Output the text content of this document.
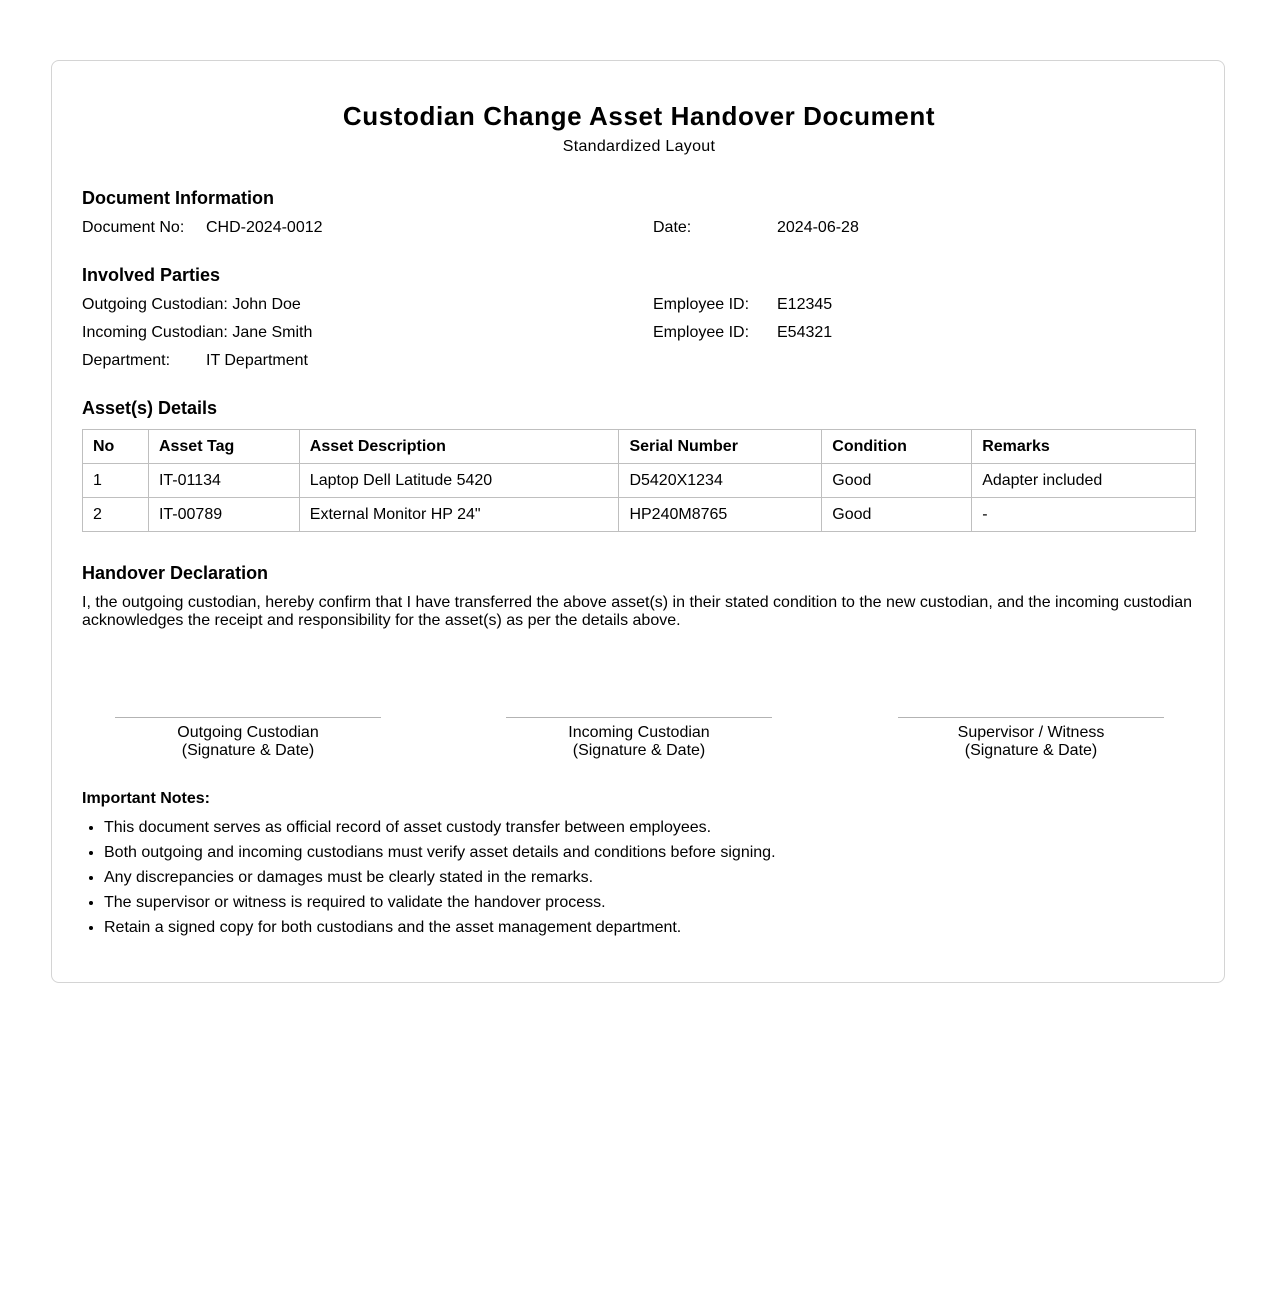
Custodian Change Asset Handover Document
Standardized Layout
Document Information
Document No: CHD-2024-0012	Date:	2024-06-28
Involved Parties
Outgoing Custodian: John Doe	Employee ID: E12345
Incoming Custodian: Jane Smith	Employee ID: E54321
Department: IT Department
Asset(s) Details
No	Asset Tag	Asset Description	Serial Number	Condition	Remarks
1	IT-01134	Laptop Dell Latitude 5420	D5420X1234	Good	Adapter included
2	IT-00789	External Monitor HP 24"	HP240M8765	Good	-
Handover Declaration
I, the outgoing custodian, hereby confirm that I have transferred the above asset(s) in their stated condition to the new custodian, and the incoming custodian acknowledges the receipt and responsibility for the asset(s) as per the details above.
Outgoing Custodian
(Signature & Date)
Incoming Custodian
(Signature & Date)
Supervisor / Witness
(Signature & Date)
Important Notes:
• This document serves as official record of asset custody transfer between employees.
• Both outgoing and incoming custodians must verify asset details and conditions before signing.
• Any discrepancies or damages must be clearly stated in the remarks.
• The supervisor or witness is required to validate the handover process.
• Retain a signed copy for both custodians and the asset management department.
